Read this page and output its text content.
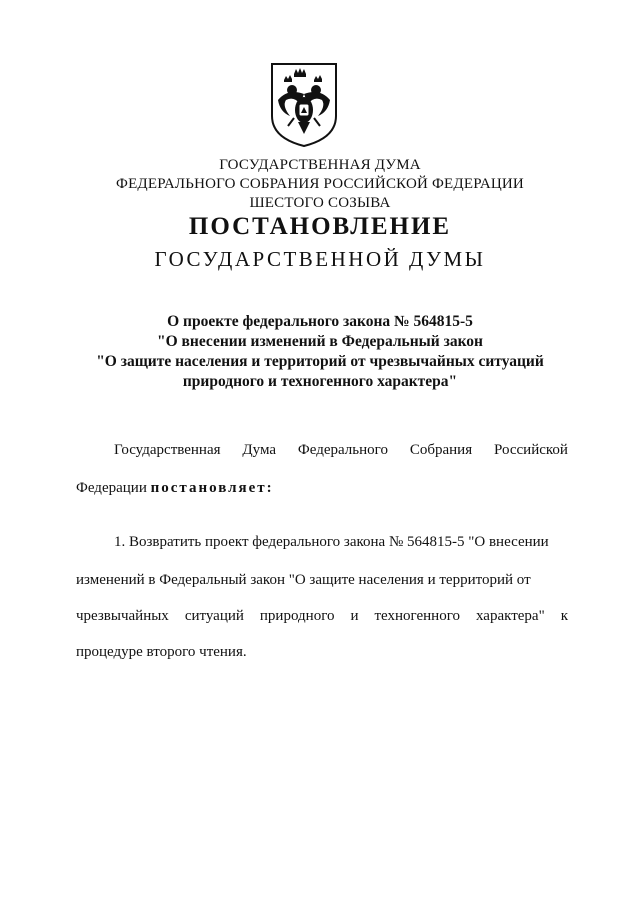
ГОСУДАРСТВЕННАЯ ДУМА
ФЕДЕРАЛЬНОГО СОБРАНИЯ РОССИЙСКОЙ ФЕДЕРАЦИИ
ШЕСТОГО СОЗЫВА
ПОСТАНОВЛЕНИЕ
ГОСУДАРСТВЕННОЙ ДУМЫ
О проекте федерального закона № 564815-5
"О внесении изменений в Федеральный закон
"О защите населения и территорий от чрезвычайных ситуаций
природного и техногенного характера"
Государственная Дума Федерального Собрания Российской
Федерации постановляет:
1. Возвратить проект федерального закона № 564815-5 "О внесении
изменений в Федеральный закон "О защите населения и территорий от
чрезвычайных ситуаций природного и техногенного характера" к
процедуре второго чтения.
